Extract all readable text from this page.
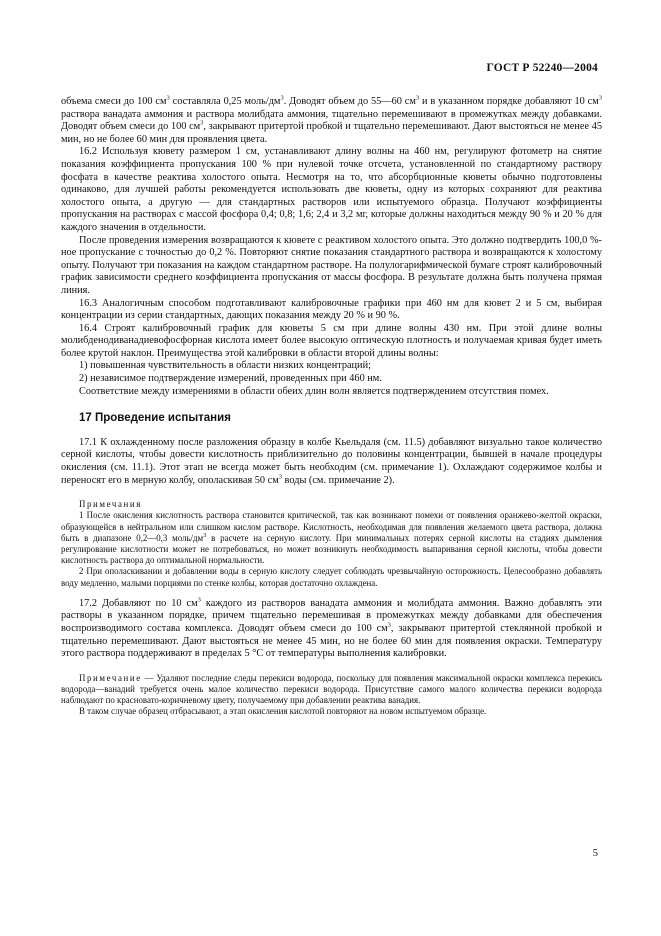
ГОСТ Р 52240—2004

объема смеси до 100 $см^3$ составляла 0,25 моль/$дм^3$. Доводят объем до 55—60 $см^3$ и в указанном порядке добавляют 10 $см^3$ раствора ванадата аммония и раствора молибдата аммония, тщательно перемешивают в промежутках между добавками. Доводят объем смеси до 100 $см^3$, закрывают притертой пробкой и тщательно перемешивают. Дают выстояться не менее 45 мин, но не более 60 мин для проявления цвета.

16.2 Используя кювету размером 1 см, устанавливают длину волны на 460 нм, регулируют фотометр на снятие показания коэффициента пропускания 100 % при нулевой точке отсчета, установленной по стандартному раствору фосфата в качестве реактива холостого опыта. Несмотря на то, что абсорбционные кюветы обычно подготовлены одинаково, для лучшей работы рекомендуется использовать две кюветы, одну из которых сохраняют для реактива холостого опыта, а другую — для стандартных растворов или испытуемого образца. Получают коэффициенты пропускания на растворах с массой фосфора 0,4; 0,8; 1,6; 2,4 и 3,2 мг, которые должны находиться между 90 % и 20 % для каждого значения в отдельности.

После проведения измерения возвращаются к кювете с реактивом холостого опыта. Это должно подтвердить 100,0 %-ное пропускание с точностью до 0,2 %. Повторяют снятие показания стандартного раствора и возвращаются к холостому опыту. Получают три показания на каждом стандартном растворе. На полулогарифмической бумаге строят калибровочный график зависимости среднего коэффициента пропускания от массы фосфора. В результате должна быть получена прямая линия.

16.3 Аналогичным способом подготавливают калибровочные графики при 460 нм для кювет 2 и 5 см, выбирая концентрации из серии стандартных, дающих показания между 20 % и 90 %.

16.4 Строят калибровочный график для кюветы 5 см при длине волны 430 нм. При этой длине волны молибденодиванадиевофосфорная кислота имеет более высокую оптическую плотность и получаемая кривая будет иметь более крутой наклон. Преимущества этой калибровки в области второй длины волны:

1) повышенная чувствительность в области низких концентраций;

2) независимое подтверждение измерений, проведенных при 460 нм.

Соответствие между измерениями в области обеих длин волн является подтверждением отсутствия помех.

17 Проведение испытания

17.1 К охлажденному после разложения образцу в колбе Кьельдаля (см. 11.5) добавляют визуально такое количество серной кислоты, чтобы довести кислотность приблизительно до половины концентрации, бывшей в начале процедуры окисления (см. 11.1). Этот этап не всегда может быть необходим (см. примечание 1). Охлаждают содержимое колбы и переносят его в мерную колбу, ополаскивая 50 $см^3$ воды (см. примечание 2).

Примечания

1 После окисления кислотность раствора становится критической, так как возникают помехи от появления оранжево-желтой окраски, образующейся в нейтральном или слишком кислом растворе. Кислотность, необходимая для появления желаемого цвета раствора, должна быть в диапазоне 0,2—0,3 моль/$дм^3$ в расчете на серную кислоту. При минимальных потерях серной кислоты на стадиях дымления регулирование кислотности может не потребоваться, но может возникнуть необходимость выпаривания серной кислоты, чтобы довести кислотность раствора до оптимальной нормальности.

2 При ополаскивании и добавлении воды в серную кислоту следует соблюдать чрезвычайную осторожность. Целесообразно добавлять воду медленно, малыми порциями по стенке колбы, которая достаточно охлаждена.

17.2 Добавляют по 10 $см^3$ каждого из растворов ванадата аммония и молибдата аммония. Важно добавлять эти растворы в указанном порядке, причем тщательно перемешивая в промежутках между добавками для обеспечения воспроизводимого состава комплекса. Доводят объем смеси до 100 $см^3$, закрывают притертой стеклянной пробкой и тщательно перемешивают. Дают выстояться не менее 45 мин, но не более 60 мин для появления окраски. Температуру этого раствора поддерживают в пределах 5 °С от температуры выполнения калибровки.

Примечание — Удаляют последние следы перекиси водорода, поскольку для появления максимальной окраски комплекса перекись водорода—ванадий требуется очень малое количество перекиси водорода. Присутствие самого малого количества перекиси водорода наблюдают по красновато-коричневому цвету, получаемому при добавлении реактива ванадия.

В таком случае образец отбрасывают, а этап окисления кислотой повторяют на новом испытуемом образце.

5
